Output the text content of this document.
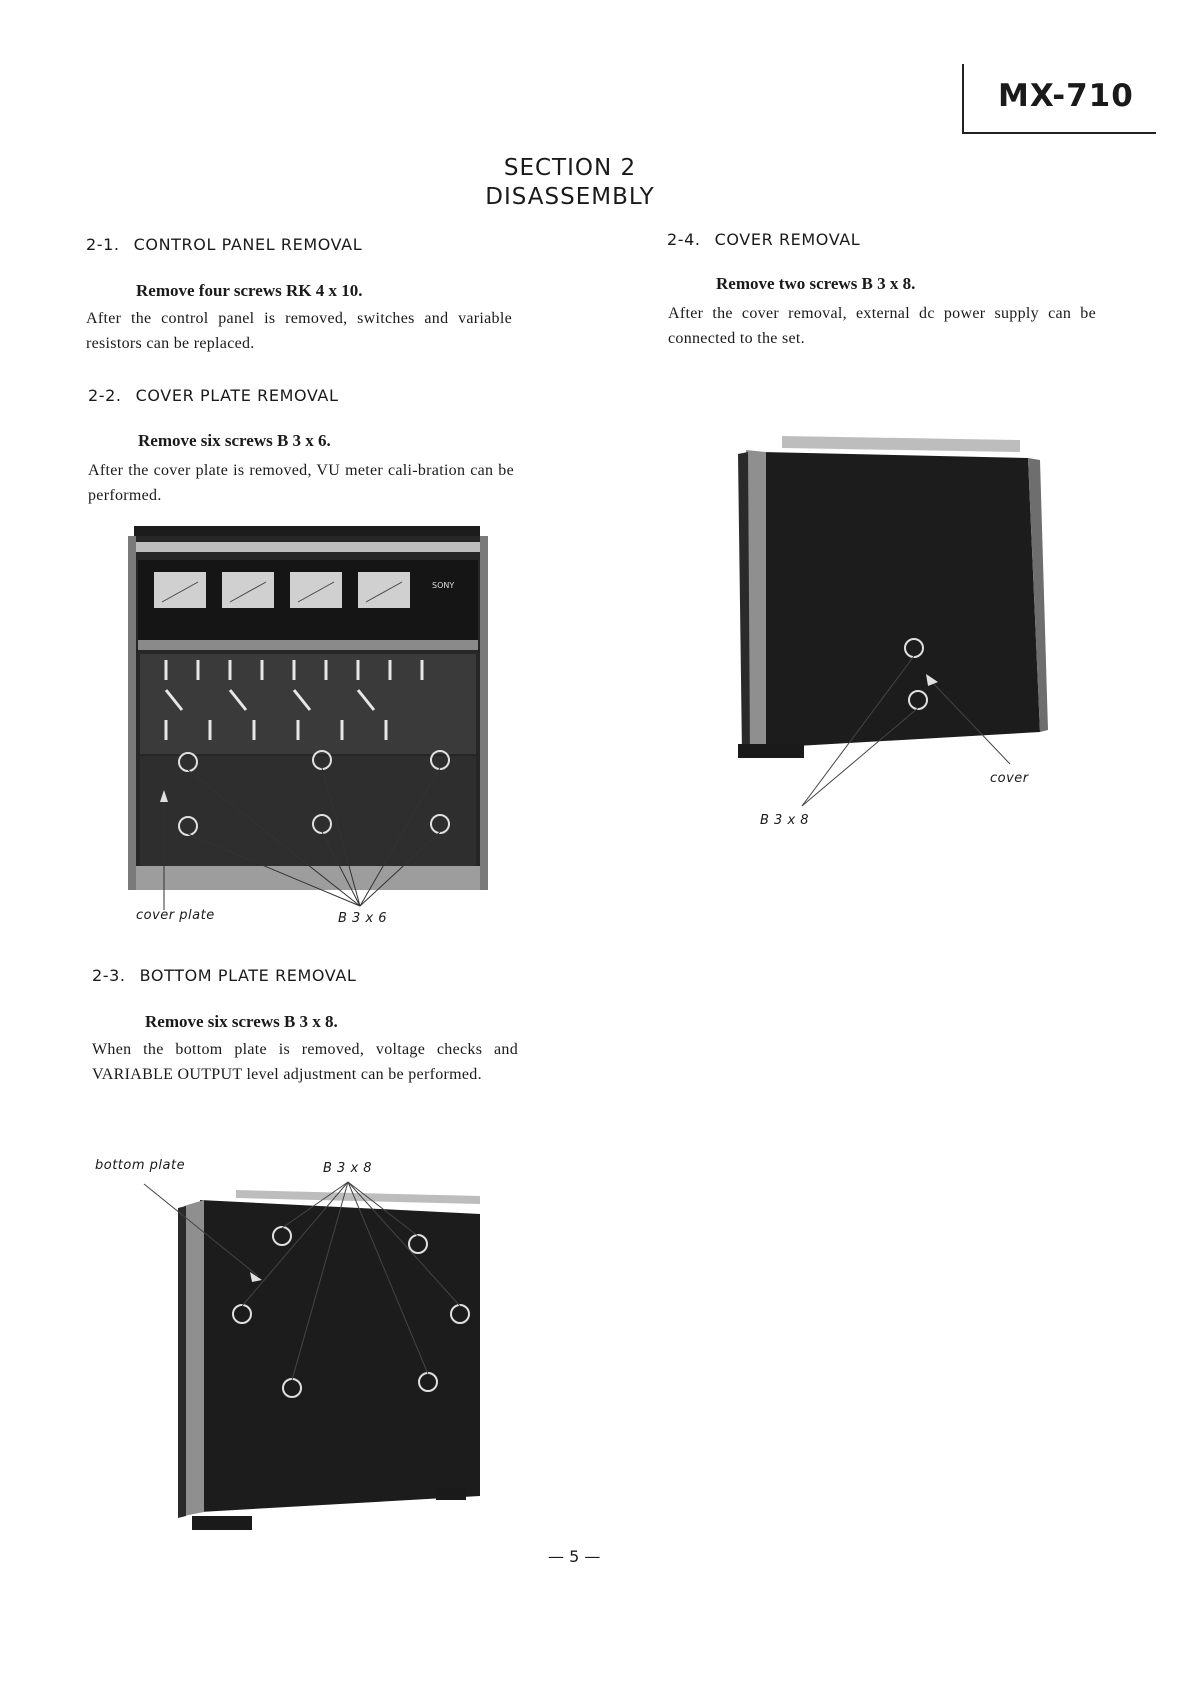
MX-710
SECTION 2
DISASSEMBLY
2-1. CONTROL PANEL REMOVAL
Remove four screws RK 4 x 10.
After the control panel is removed, switches and variable resistors can be replaced.
2-2. COVER PLATE REMOVAL
Remove six screws B 3 x 6.
After the cover plate is removed, VU meter cali-bration can be performed.
SONY
cover plate	B 3 x 6
2-3. BOTTOM PLATE REMOVAL
Remove six screws B 3 x 8.
When the bottom plate is removed, voltage checks and VARIABLE OUTPUT level adjustment can be performed.
bottom plate	B 3 x 8
2-4. COVER REMOVAL
Remove two screws B 3 x 8.
After the cover removal, external dc power supply can be connected to the set.
cover
B 3 x 8
— 5 —
